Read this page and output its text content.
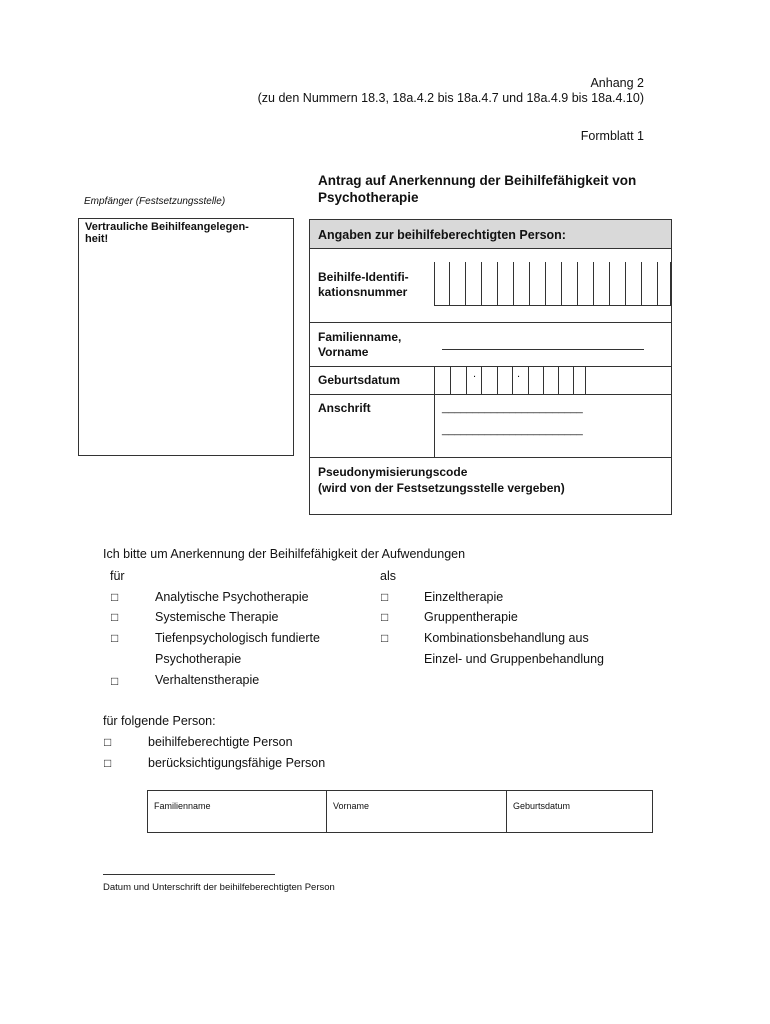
Anhang 2
(zu den Nummern 18.3, 18a.4.2 bis 18a.4.7 und 18a.4.9 bis 18a.4.10)
Formblatt 1
Antrag auf Anerkennung der Beihilfefähigkeit von Psychotherapie
Empfänger (Festsetzungsstelle)
Vertrauliche Beihilfeangelegen-heit!	Angaben zur beihilfeberechtigten Person:
Beihilfe-Identifi-
kationsnummer
Familienname,
Vorname
Geburtsdatum	.	.
Anschrift	_______________________
_______________________
Pseudonymisierungscode
(wird von der Festsetzungsstelle vergeben)
Ich bitte um Anerkennung der Beihilfefähigkeit der Aufwendungen
für	als
□	Analytische Psychotherapie
□	Systemische Therapie
□	Tiefenpsychologisch fundierte
Psychotherapie
□	Verhaltenstherapie
□	Einzeltherapie
□	Gruppentherapie
□	Kombinationsbehandlung aus
Einzel- und Gruppenbehandlung
für folgende Person:
□	beihilfeberechtigte Person
□	berücksichtigungsfähige Person
Familienname	Vorname	Geburtsdatum
Datum und Unterschrift der beihilfeberechtigten Person
